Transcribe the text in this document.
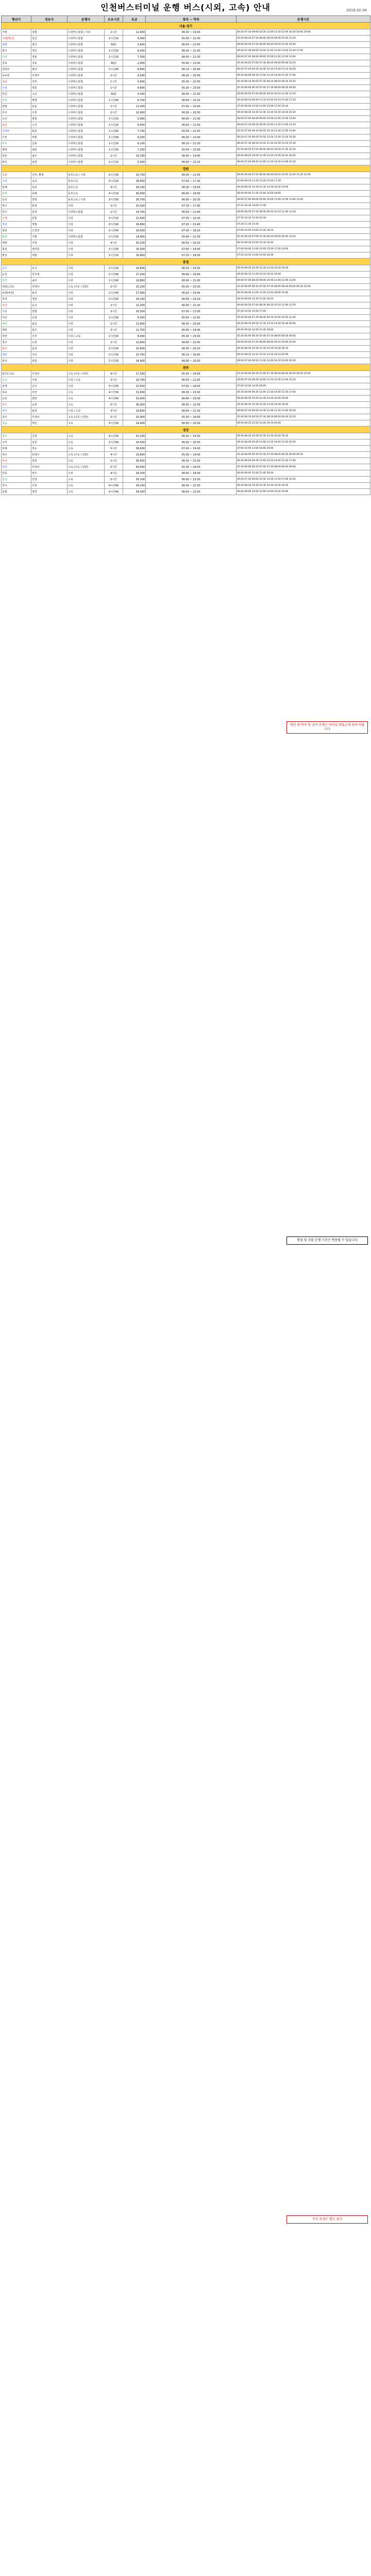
인천버스터미널 운행 버스(시외, 고속) 안내	2019.02.04
행선지	경유지	운행사	소요시간	요금	첫차 ~ 막차	운행시간
서울·경기						
가평	청평	시외버스통합 / 시외	2시간	12,400	06:30 ~ 19:00	06:30 07:30 09:00 10:30 12:00 13:30 15:00 16:30 18:00 19:00
고양(행신)	일산	시외버스통합	1시간10	4,900	05:50 ~ 22:30	05:50 06:30 07:10 08:00 08:50 09:40 10:30 11:20
광명	철산	시외버스통합	50분	3,600	06:00 ~ 22:00	06:00 06:40 07:20 08:00 08:40 09:20 10:00 10:40
광주	경안	시외버스통합	1시간30	8,200	06:20 ~ 21:00	06:20 07:40 09:00 10:20 11:40 13:00 14:20 15:40 17:00
구리	경춘	시외버스통합	1시간20	7,300	06:00 ~ 21:30	06:00 07:00 08:00 09:00 10:00 11:00 12:00 13:00
김포	걸포	시외버스통합	40분	2,900	05:40 ~ 23:00	05:40 06:20 07:00 07:40 08:20 09:00 09:40 10:20
남양주	평내	시외버스통합	1시간40	8,800	06:10 ~ 20:40	06:10 07:40 09:10 10:40 12:10 13:40 15:10 16:40
동두천	의정부	시외버스통합	2시간	9,500	06:30 ~ 20:00	06:30 08:00 09:30 11:00 12:30 14:00 15:30 17:00
성남	모란	시외버스통합	1시간	5,600	05:30 ~ 22:50	05:30 06:10 06:50 07:30 08:10 08:50 09:30 10:10
수원	영통	시외버스통합	1시간	4,800	05:30 ~ 23:00	05:30 06:00 06:30 07:00 07:30 08:00 08:30 09:00
안산	고잔	시외버스통합	50분	3,300	06:00 ~ 22:30	06:00 06:50 07:40 08:30 09:20 10:10 11:00 11:50
안성	평택	시외버스통합	1시간40	8,700	06:40 ~ 20:10	06:40 08:10 09:40 11:10 12:40 14:10 15:40 17:10
양평	용문	시외버스통합	2시간	11,300	07:00 ~ 19:30	07:00 09:00 11:00 13:00 15:00 17:00 19:30
여주	이천	시외버스통합	2시간	10,900	06:30 ~ 20:30	06:30 08:30 10:30 12:30 14:30 16:30 18:30 20:30
오산	병점	시외버스통합	1시간10	5,900	06:00 ~ 21:40	06:00 07:00 08:00 09:00 10:00 11:00 12:00 13:00
용인	수지	시외버스통합	1시간20	6,400	06:00 ~ 21:00	06:00 07:10 08:20 09:30 10:40 11:50 13:00 14:10
의정부	회룡	시외버스통합	1시간40	7,700	05:50 ~ 21:50	05:50 07:00 08:10 09:20 10:30 11:40 12:50 14:00
이천	부발	시외버스통합	1시간40	9,200	06:20 ~ 21:00	06:20 07:50 09:20 10:50 12:20 13:50 15:20 16:50
파주	금촌	시외버스통합	1시간20	6,100	06:10 ~ 21:20	06:10 07:30 08:50 10:10 11:30 12:50 14:10 15:30
평택	송탄	시외버스통합	1시간20	7,200	05:50 ~ 22:00	05:50 06:50 07:50 08:50 09:50 10:50 11:50 12:50
포천	송우	시외버스통합	2시간	10,100	06:40 ~ 19:40	06:40 08:20 10:00 11:40 13:20 15:00 16:40 18:20
화성	남양	시외버스통합	1시간10	5,400	06:00 ~ 21:10	06:00 07:20 08:40 10:00 11:20 12:40 14:00 15:20
강원						
강릉	진부, 횡계	동부고속 / 시외	3시간30	25,700	06:00 ~ 21:00	06:00 06:40 07:20 08:00 08:40 09:20 10:00 10:40 11:20 12:00
고성	속초	동부고속	4시간20	28,400	07:00 ~ 17:30	07:00 09:10 11:30 13:40 15:50 17:30
동해	묵호	동부고속	4시간	28,100	06:30 ~ 19:00	06:30 08:30 10:30 12:30 14:30 16:30 19:00
삼척	동해	동부고속	4시간20	30,000	06:40 ~ 18:00	06:40 09:00 11:30 14:00 16:00 18:00
속초	양양	동부고속 / 시외	3시간50	26,700	06:00 ~ 20:30	06:00 07:00 08:00 09:00 10:00 11:00 12:00 13:00 14:00
양구	춘천	시외	3시간	20,300	07:10 ~ 17:40	07:10 10:30 14:00 17:40
원주	문막	시외버스통합	2시간	14,700	06:00 ~ 21:40	06:00 06:50 07:40 08:30 09:20 10:10 11:00 11:50
인제	원통	시외	3시간10	22,500	07:30 ~ 16:30	07:30 10:30 13:30 16:30
정선	영월	시외	3시간40	26,900	07:20 ~ 15:40	07:20 11:30 15:40
철원	신철원	시외	2시간40	16,500	07:00 ~ 18:10	07:00 10:00 13:00 15:40 18:10
춘천	가평	시외버스통합	2시간20	14,400	05:40 ~ 21:30	05:40 06:20 07:00 07:40 08:20 09:00 09:40 10:20
태백	사북	시외	4시간	30,200	06:50 ~ 16:20	06:50 09:30 12:00 14:30 16:20
홍천	양덕원	시외	2시간30	16,300	07:00 ~ 19:00	07:00 09:00 11:00 13:00 15:00 17:00 19:00
횡성	새말	시외	2시간20	16,800	07:20 ~ 18:30	07:20 10:10 13:00 15:50 18:30
충청						
공주	유구	시외	2시간20	14,600	06:30 ~ 19:30	06:30 08:30 10:30 12:30 14:30 16:30 19:30
논산	연무대	시외	2시간40	17,200	06:40 ~ 19:00	06:40 09:10 11:40 14:10 16:40 19:00
당진	송악	시외	1시간40	10,800	06:00 ~ 21:00	06:00 07:00 08:00 09:00 10:00 11:00 12:00 13:00
대전(고속)	무정차	고속 (우등 / 일반)	2시간	15,200	05:30 ~ 23:30	05:30 06:00 06:30 07:00 07:30 08:00 08:30 09:00 09:30 10:00
보령(대천)	홍성	시외	2시간40	17,900	06:20 ~ 19:40	06:20 08:40 11:00 13:20 15:40 18:00 19:40
부여	청양	시외	2시간50	18,100	06:50 ~ 18:20	06:50 09:40 12:30 15:20 18:20
서산	운산	시외	2시간	13,200	06:00 ~ 21:20	06:00 06:50 07:40 08:30 09:20 10:10 11:00 11:50
서천	장항	시외	3시간	20,500	07:00 ~ 17:00	07:00 10:20 13:40 17:00
아산	온양	시외	1시간30	9,300	05:50 ~ 22:00	05:50 06:40 07:30 08:20 09:10 10:00 10:50 11:40
예산	삽교	시외	2시간	12,900	06:30 ~ 20:00	06:30 08:10 09:50 11:30 13:10 14:50 16:30 20:00
제천	충주	시외	3시간	21,700	06:40 ~ 18:40	06:40 09:40 12:40 15:40 18:40
천안	신부	시외 / 고속	1시간20	8,400	05:30 ~ 23:00	05:30 06:00 06:30 07:00 07:30 08:00 08:30 09:00
청주	오창	시외	2시간	12,800	06:00 ~ 22:00	06:00 06:40 07:20 08:00 08:40 09:20 10:00 10:40
충주	음성	시외	2시간30	15,900	06:30 ~ 20:10	06:30 08:30 10:30 12:30 14:30 16:30 20:10
태안	서산	시외	2시간30	15,700	06:10 ~ 20:00	06:10 08:10 10:10 12:10 14:10 16:10 20:00
홍성	광천	시외	2시간10	14,900	06:00 ~ 20:30	06:00 07:40 09:20 11:00 12:40 14:20 16:00 20:30
전라						
광주(고속)	무정차	고속 (우등 / 일반)	4시간	27,300	05:30 ~ 24:00	05:30 06:00 06:30 07:00 07:30 08:00 08:30 09:00 09:30 10:00
군산	서천	시외 / 고속	3시간	20,700	06:00 ~ 21:00	06:00 07:20 08:40 10:00 11:20 12:40 14:00 15:20
김제	금구	시외	3시간20	22,000	07:00 ~ 18:00	07:00 10:40 14:20 18:00
목포	무안	고속	4시간30	31,600	06:30 ~ 23:30	06:30 08:00 09:30 11:00 12:30 14:00 15:30 17:00
순천	광양	고속	4시간40	33,400	06:40 ~ 23:00	06:40 08:40 10:40 12:40 14:40 16:40 18:40
여수	순천	고속	5시간	36,000	06:30 ~ 22:30	06:30 08:30 10:30 12:30 14:30 16:30 18:30
익산	함열	시외 / 고속	3시간	19,800	06:00 ~ 21:30	06:00 07:30 09:00 10:30 12:00 13:30 15:00 16:30
전주	무정차	고속 (우등 / 일반)	3시간	20,900	05:30 ~ 24:00	05:30 06:10 06:50 07:30 08:10 08:50 09:30 10:10
정읍	태인	고속	3시간30	24,400	06:50 ~ 20:00	06:50 09:20 11:50 14:20 16:50 20:00
경상						
경주	건천	고속	4시간30	32,100	06:30 ~ 19:30	06:30 08:30 10:30 12:30 14:30 16:30 19:30
구미	김천	고속	3시간40	24,500	06:30 ~ 20:30	06:30 08:00 09:30 11:00 12:30 14:00 15:30 20:30
김해	장유	고속	5시간	38,600	07:00 ~ 19:00	07:00 10:00 13:00 16:00 19:00
대구	동대구	고속 (우등 / 일반)	4시간	29,800	05:30 ~ 24:00	05:30 06:00 06:30 07:00 07:30 08:00 08:30 09:00 09:30
마산	창원	고속	5시간	36,500	06:30 ~ 23:30	06:30 08:00 09:30 11:00 12:30 14:00 15:30 17:00
부산	무정차	고속 (우등 / 일반)	5시간	40,400	05:30 ~ 24:00	05:30 06:00 06:30 07:00 07:30 08:00 08:30 09:00
안동	영주	시외	4시간	28,200	06:40 ~ 18:30	06:40 09:40 12:40 15:40 18:30
울산	언양	고속	5시간	39,100	06:00 ~ 23:30	06:00 07:30 09:00 10:30 12:00 13:30 15:00 16:30
진주	사천	고속	4시간40	34,200	06:30 ~ 22:30	06:30 08:30 10:30 12:30 14:30 16:30 18:30
포항	영천	고속	4시간40	34,000	06:00 ~ 22:00	06:00 08:00 10:00 12:00 14:00 16:00 18:00
대전 첫·막차 및 심야 운행은 터미널 매표소에 문의 바랍니다
명절 및 주말 운행 시간은 변동될 수 있습니다
우등 요금은 별도 표기
